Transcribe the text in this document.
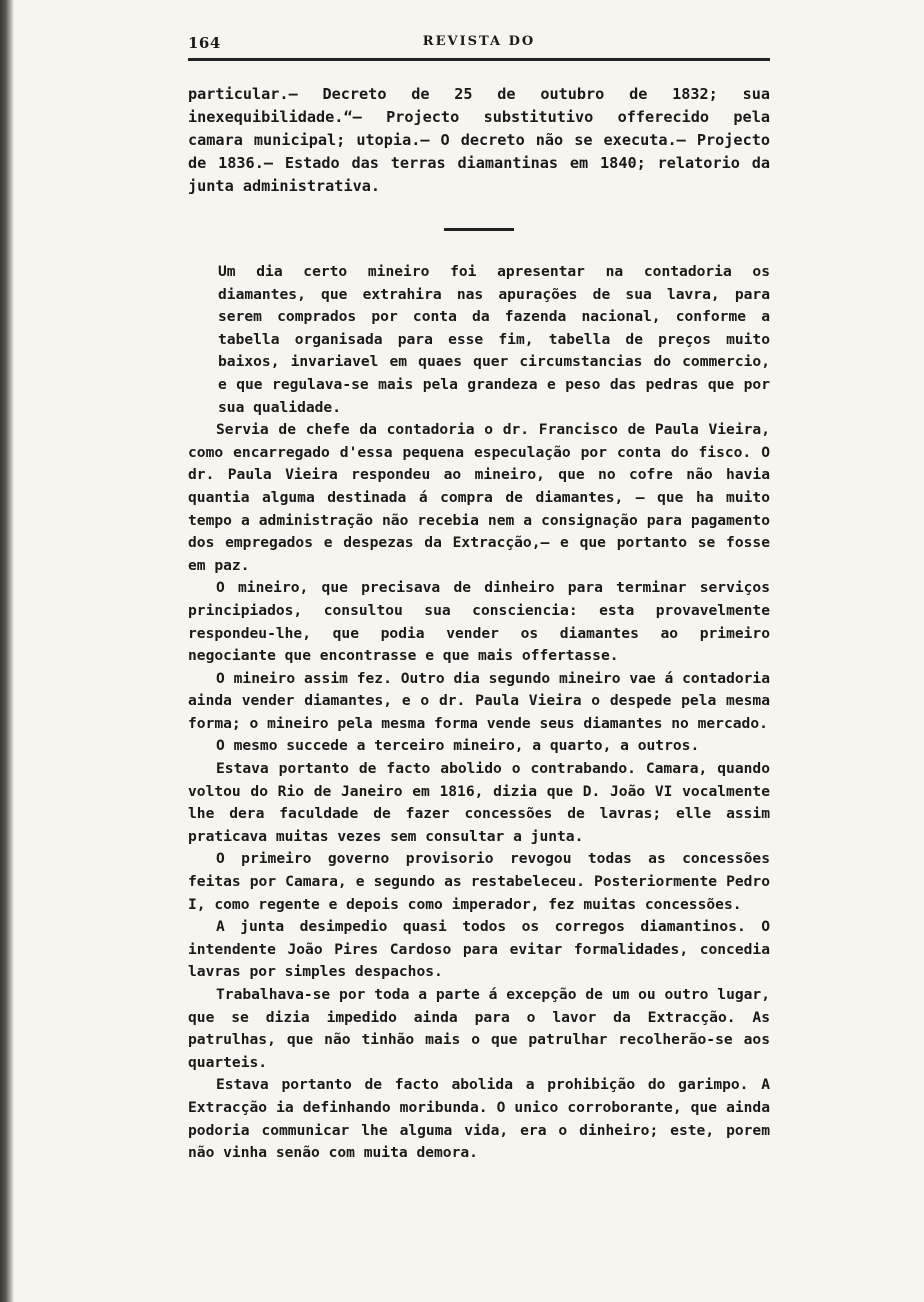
164	REVISTA DO

particular.— Decreto de 25 de outubro de 1832; sua inexequibilidade.“— Projecto substitutivo offerecido pela camara municipal; utopia.— O decreto não se executa.— Projecto de 1836.— Estado das terras diamantinas em 1840; relatorio da junta administrativa.

Um dia certo mineiro foi apresentar na contadoria os diamantes, que extrahira nas apurações de sua lavra, para serem comprados por conta da fazenda nacional, conforme a tabella organisada para esse fim, tabella de preços muito baixos, invariavel em quaes quer circumstancias do commercio, e que regulava-se mais pela grandeza e peso das pedras que por sua qualidade.

Servia de chefe da contadoria o dr. Francisco de Paula Vieira, como encarregado d'essa pequena especulação por conta do fisco. O dr. Paula Vieira respondeu ao mineiro, que no cofre não havia quantia alguma destinada á compra de diamantes, — que ha muito tempo a administração não recebia nem a consignação para pagamento dos empregados e despezas da Extracção,— e que portanto se fosse em paz.

O mineiro, que precisava de dinheiro para terminar serviços principiados, consultou sua consciencia: esta provavelmente respondeu-lhe, que podia vender os diamantes ao primeiro negociante que encontrasse e que mais offertasse.

O mineiro assim fez. Outro dia segundo mineiro vae á contadoria ainda vender diamantes, e o dr. Paula Vieira o despede pela mesma forma; o mineiro pela mesma forma vende seus diamantes no mercado.

O mesmo succede a terceiro mineiro, a quarto, a outros.

Estava portanto de facto abolido o contrabando. Camara, quando voltou do Rio de Janeiro em 1816, dizia que D. João VI vocalmente lhe dera faculdade de fazer concessões de lavras; elle assim praticava muitas vezes sem consultar a junta.

O primeiro governo provisorio revogou todas as concessões feitas por Camara, e segundo as restabeleceu. Posteriormente Pedro I, como regente e depois como imperador, fez muitas concessões.

A junta desimpedio quasi todos os corregos diamantinos. O intendente João Pires Cardoso para evitar formalidades, concedia lavras por simples despachos.

Trabalhava-se por toda a parte á excepção de um ou outro lugar, que se dizia impedido ainda para o lavor da Extracção. As patrulhas, que não tinhão mais o que patrulhar recolherão-se aos quarteis.

Estava portanto de facto abolida a prohibição do garimpo. A Extracção ia definhando moribunda. O unico corroborante, que ainda podoria communicar lhe alguma vida, era o dinheiro; este, porem não vinha senão com muita demora.
